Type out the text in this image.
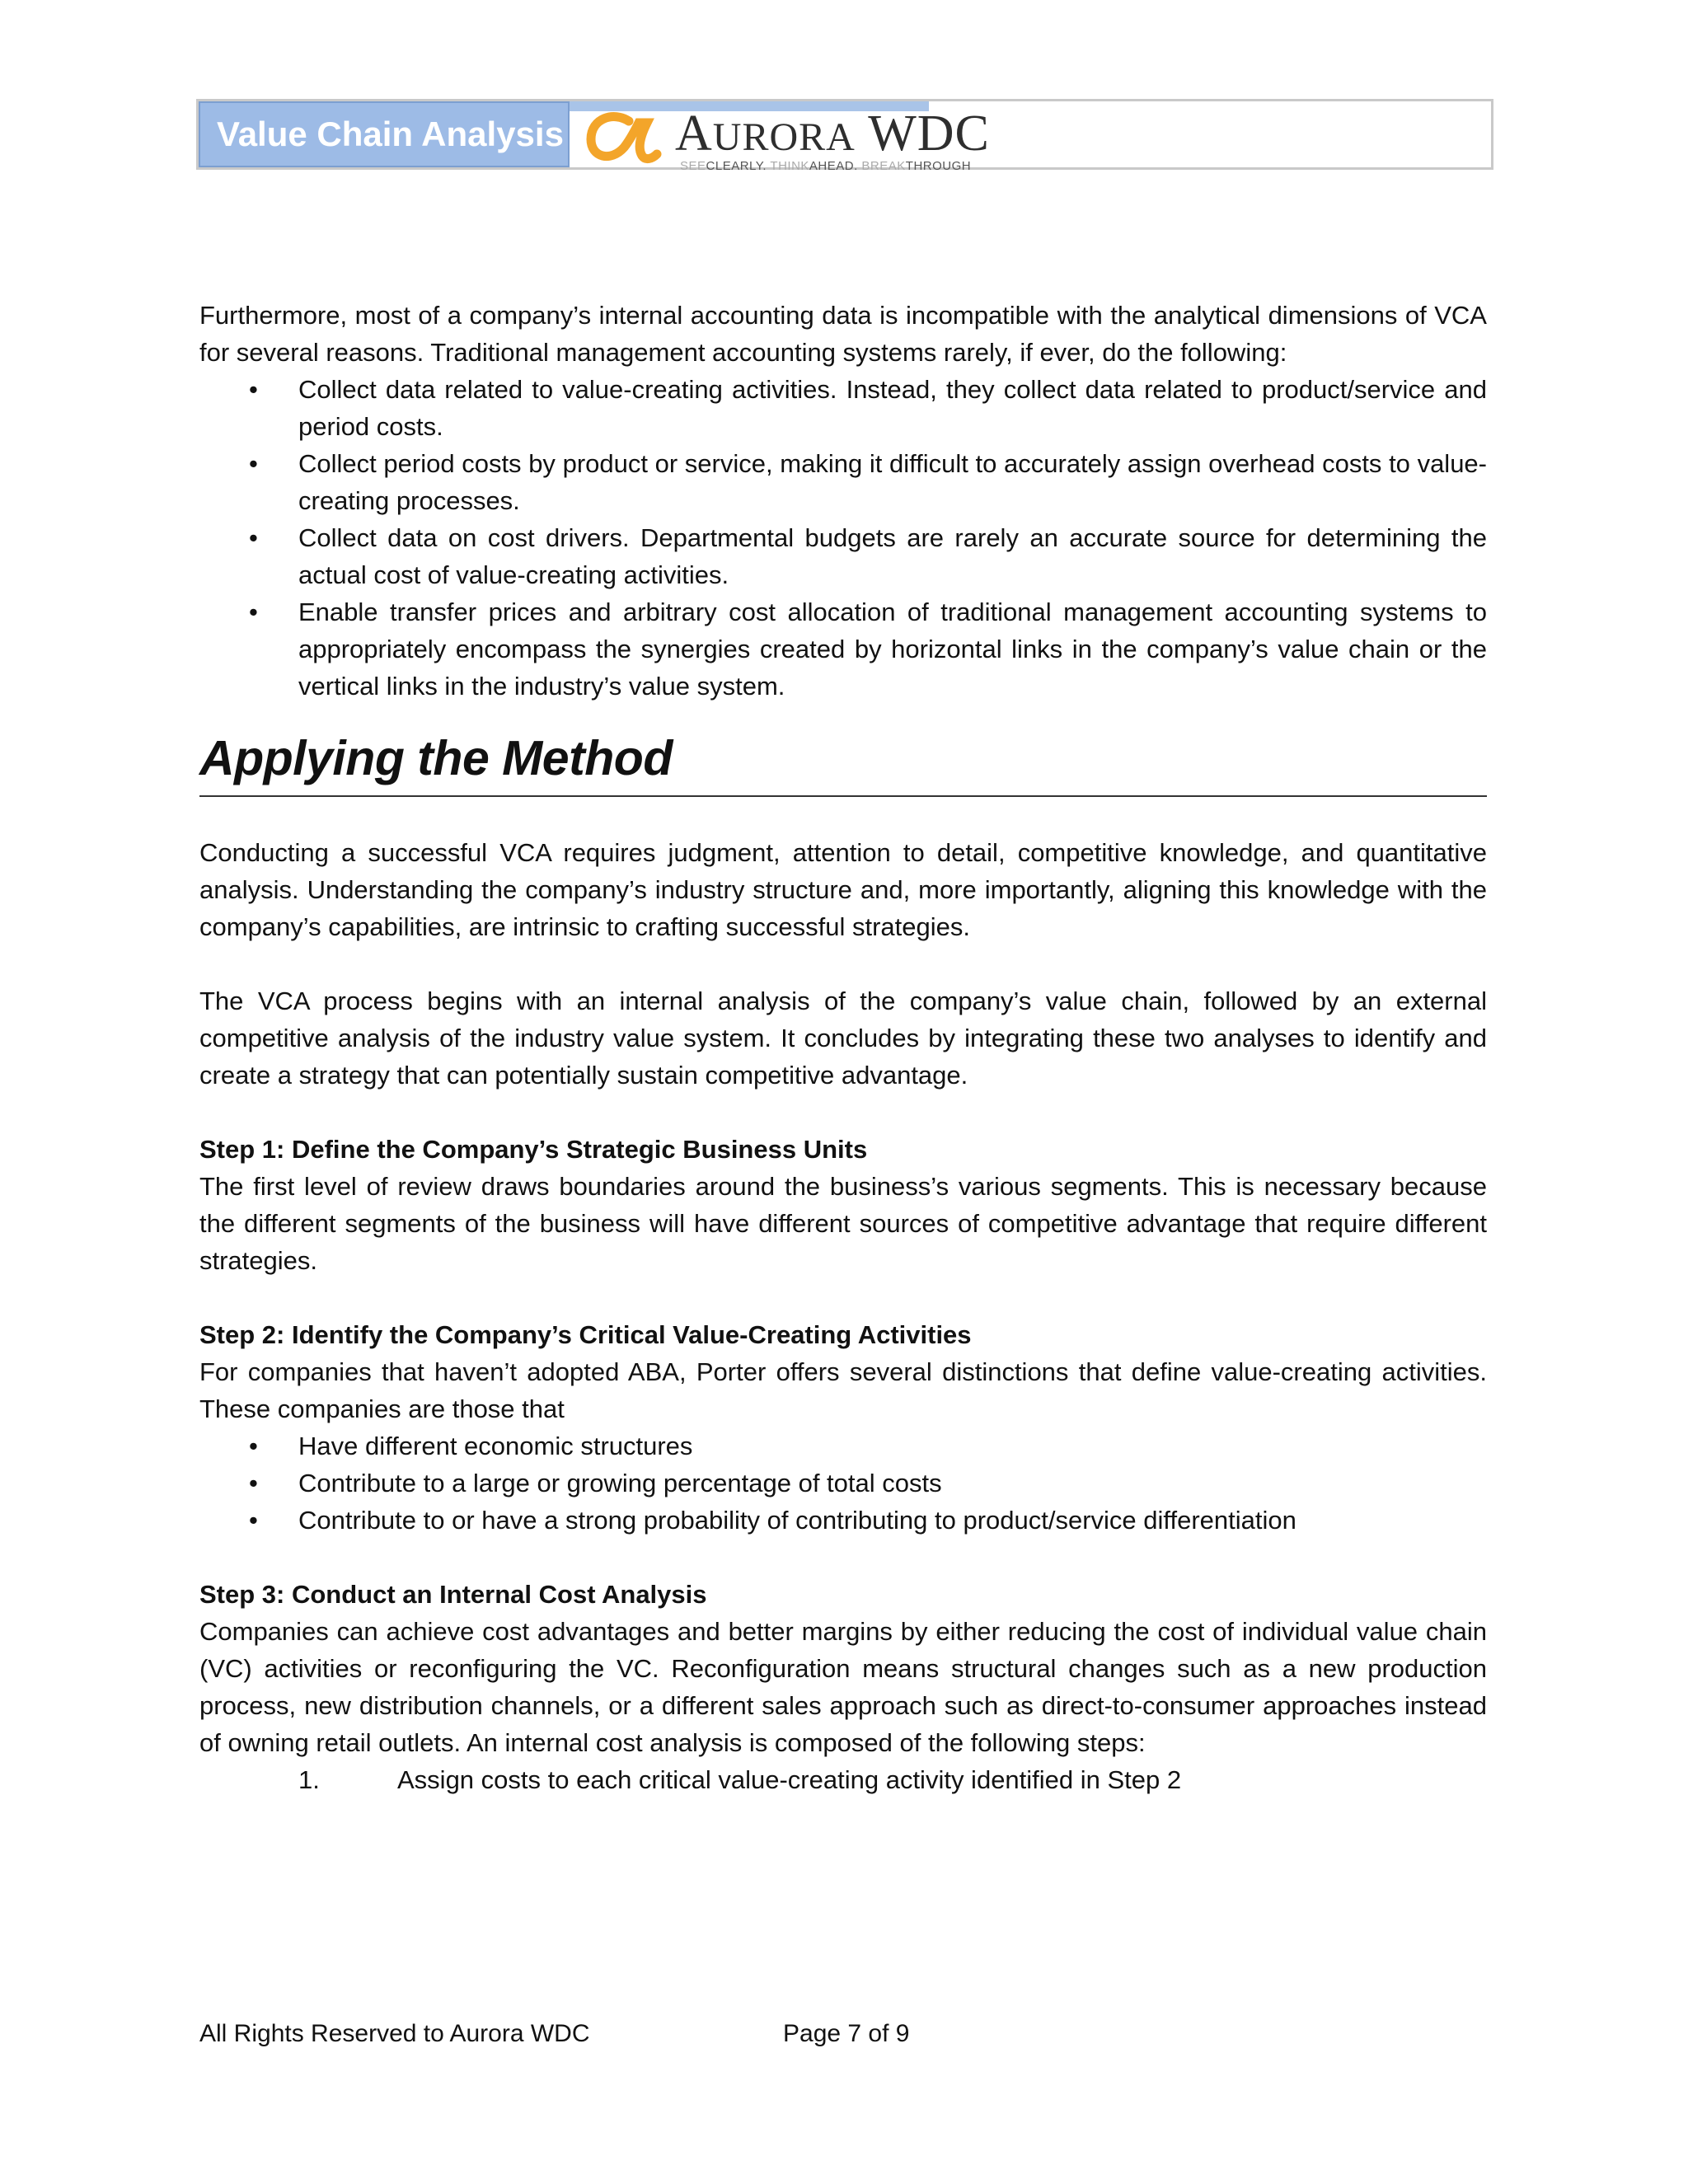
Value Chain Analysis AURORA WDC
SEECLEARLY. THINKAHEAD. BREAKTHROUGH

Furthermore, most of a company’s internal accounting data is incompatible with the analytical dimensions of VCA for several reasons. Traditional management accounting systems rarely, if ever, do the following:

•	Collect data related to value-creating activities. Instead, they collect data related to product/service and period costs.
•	Collect period costs by product or service, making it difficult to accurately assign overhead costs to value-creating processes.
•	Collect data on cost drivers. Departmental budgets are rarely an accurate source for determining the actual cost of value-creating activities.
•	Enable transfer prices and arbitrary cost allocation of traditional management accounting systems to appropriately encompass the synergies created by horizontal links in the company’s value chain or the vertical links in the industry’s value system.
Applying the Method

Conducting a successful VCA requires judgment, attention to detail, competitive knowledge, and quantitative analysis. Understanding the company’s industry structure and, more importantly, aligning this knowledge with the company’s capabilities, are intrinsic to crafting successful strategies.

The VCA process begins with an internal analysis of the company’s value chain, followed by an external competitive analysis of the industry value system. It concludes by integrating these two analyses to identify and create a strategy that can potentially sustain competitive advantage.

Step 1: Define the Company’s Strategic Business Units

The first level of review draws boundaries around the business’s various segments. This is necessary because the different segments of the business will have different sources of competitive advantage that require different strategies.

Step 2: Identify the Company’s Critical Value-Creating Activities

For companies that haven’t adopted ABA, Porter offers several distinctions that define value-creating activities. These companies are those that

•	Have different economic structures
•	Contribute to a large or growing percentage of total costs
•	Contribute to or have a strong probability of contributing to product/service differentiation
Step 3: Conduct an Internal Cost Analysis

Companies can achieve cost advantages and better margins by either reducing the cost of individual value chain (VC) activities or reconfiguring the VC. Reconfiguration means structural changes such as a new production process, new distribution channels, or a different sales approach such as direct-to-consumer approaches instead of owning retail outlets. An internal cost analysis is composed of the following steps:

1.	Assign costs to each critical value-creating activity identified in Step 2
All Rights Reserved to Aurora WDC	Page 7 of 9
